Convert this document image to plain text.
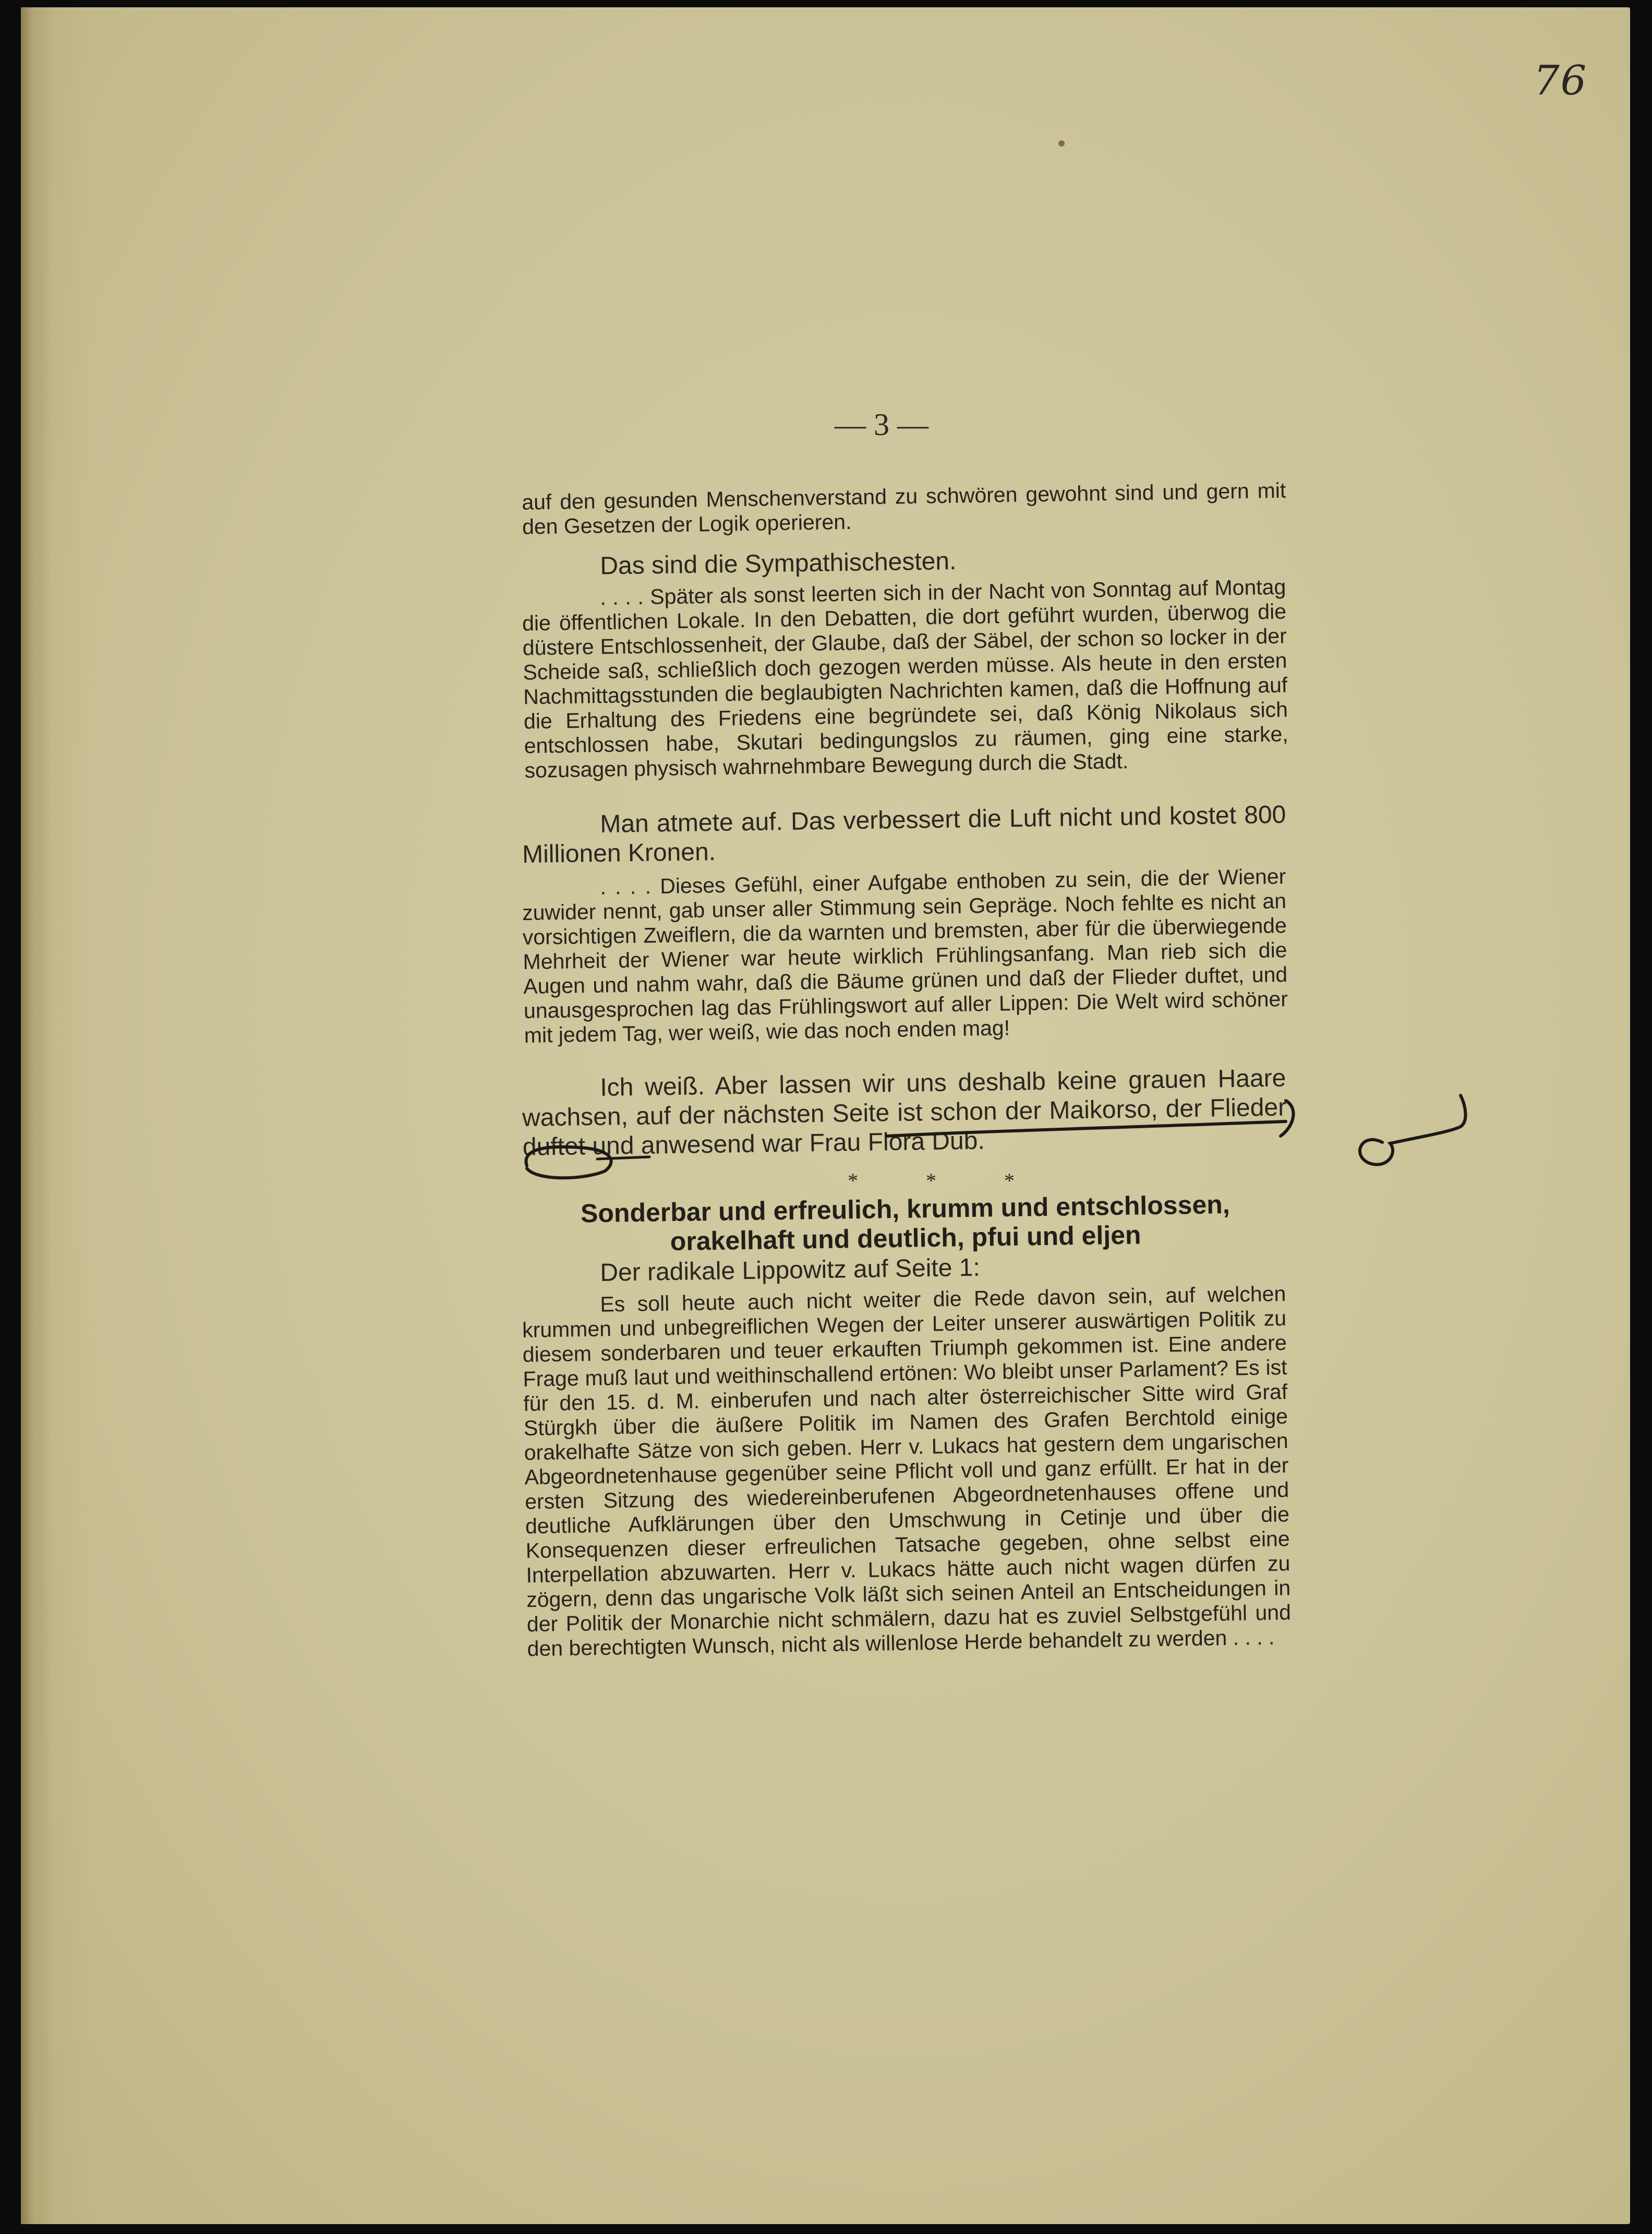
76
— 3 —

auf den gesunden Menschenverstand zu schwören gewohnt sind und gern mit den Gesetzen der Logik operieren.

Das sind die Sympathischesten.

. . . . Später als sonst leerten sich in der Nacht von Sonntag auf Montag die öffentlichen Lokale. In den Debatten, die dort geführt wurden, überwog die düstere Entschlossenheit, der Glaube, daß der Säbel, der schon so locker in der Scheide saß, schließlich doch gezogen werden müsse. Als heute in den ersten Nachmittagsstunden die beglaubigten Nachrichten kamen, daß die Hoffnung auf die Erhaltung des Friedens eine begründete sei, daß König Nikolaus sich entschlossen habe, Skutari bedingungslos zu räumen, ging eine starke, sozusagen physisch wahrnehmbare Bewegung durch die Stadt.

Man atmete auf. Das verbessert die Luft nicht und kostet 800 Millionen Kronen.

. . . . Dieses Gefühl, einer Aufgabe enthoben zu sein, die der Wiener zuwider nennt, gab unser aller Stimmung sein Gepräge. Noch fehlte es nicht an vorsichtigen Zweiflern, die da warnten und bremsten, aber für die überwiegende Mehrheit der Wiener war heute wirklich Frühlingsanfang. Man rieb sich die Augen und nahm wahr, daß die Bäume grünen und daß der Flieder duftet, und unausgesprochen lag das Frühlingswort auf aller Lippen: Die Welt wird schöner mit jedem Tag, wer weiß, wie das noch enden mag!

Ich weiß. Aber lassen wir uns deshalb keine grauen Haare wachsen, auf der nächsten Seite ist schon der Maikorso, der Flieder duftet und anwesend war Frau Flora Dub.

* * *
Sonderbar und erfreulich, krumm und entschlossen,
orakelhaft und deutlich, pfui und eljen

Der radikale Lippowitz auf Seite 1:

Es soll heute auch nicht weiter die Rede davon sein, auf welchen krummen und unbegreiflichen Wegen der Leiter unserer auswärtigen Politik zu diesem sonderbaren und teuer erkauften Triumph gekommen ist. Eine andere Frage muß laut und weithinschallend ertönen: Wo bleibt unser Parlament? Es ist für den 15. d. M. einberufen und nach alter österreichischer Sitte wird Graf Stürgkh über die äußere Politik im Namen des Grafen Berchtold einige orakelhafte Sätze von sich geben. Herr v. Lukacs hat gestern dem ungarischen Abgeordnetenhause gegenüber seine Pflicht voll und ganz erfüllt. Er hat in der ersten Sitzung des wiedereinberufenen Abgeordnetenhauses offene und deutliche Aufklärungen über den Umschwung in Cetinje und über die Konsequenzen dieser erfreulichen Tatsache gegeben, ohne selbst eine Interpellation abzuwarten. Herr v. Lukacs hätte auch nicht wagen dürfen zu zögern, denn das ungarische Volk läßt sich seinen Anteil an Entscheidungen in der Politik der Monarchie nicht schmälern, dazu hat es zuviel Selbstgefühl und den berechtigten Wunsch, nicht als willenlose Herde behandelt zu werden . . . .
